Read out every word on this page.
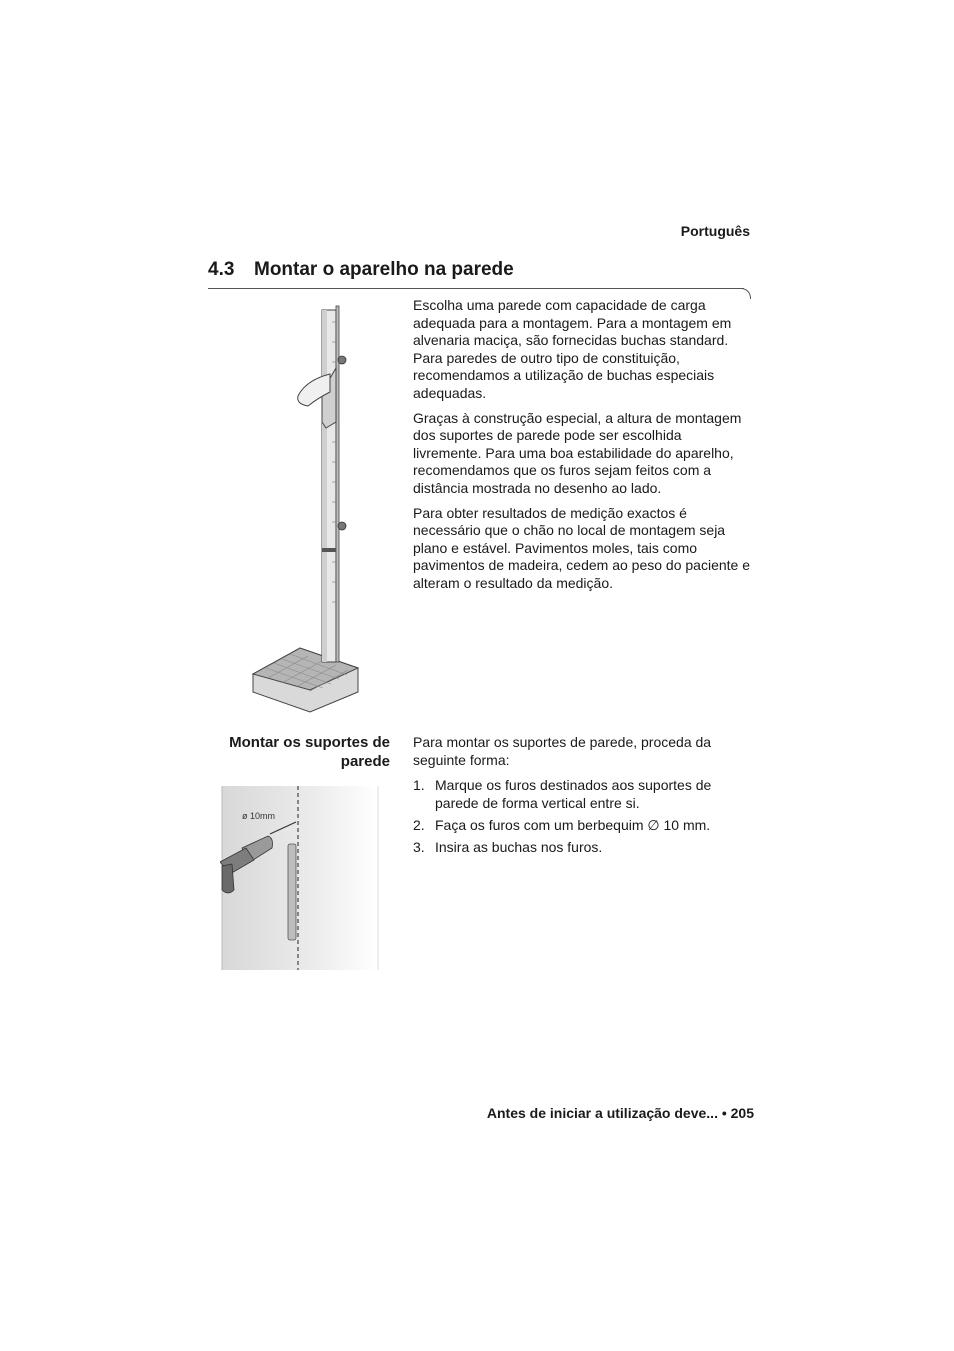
Português
4.3 Montar o aparelho na parede

Escolha uma parede com capacidade de carga adequada para a montagem. Para a montagem em alvenaria maciça, são fornecidas buchas standard. Para paredes de outro tipo de constituição, recomendamos a utilização de buchas especiais adequadas.

Graças à construção especial, a altura de montagem dos suportes de parede pode ser escolhida livremente. Para uma boa estabilidade do aparelho, recomendamos que os furos sejam feitos com a distância mostrada no desenho ao lado.

Para obter resultados de medição exactos é necessário que o chão no local de montagem seja plano e estável. Pavimentos moles, tais como pavimentos de madeira, cedem ao peso do paciente e alteram o resultado da medição.

Montar os suportes de
parede
ø 10mm

Para montar os suportes de parede, proceda da seguinte forma:

1. Marque os furos destinados aos suportes de parede de forma vertical entre si.
2. Faça os furos com um berbequim ∅ 10 mm.
3. Insira as buchas nos furos.
Antes de iniciar a utilização deve... • 205
